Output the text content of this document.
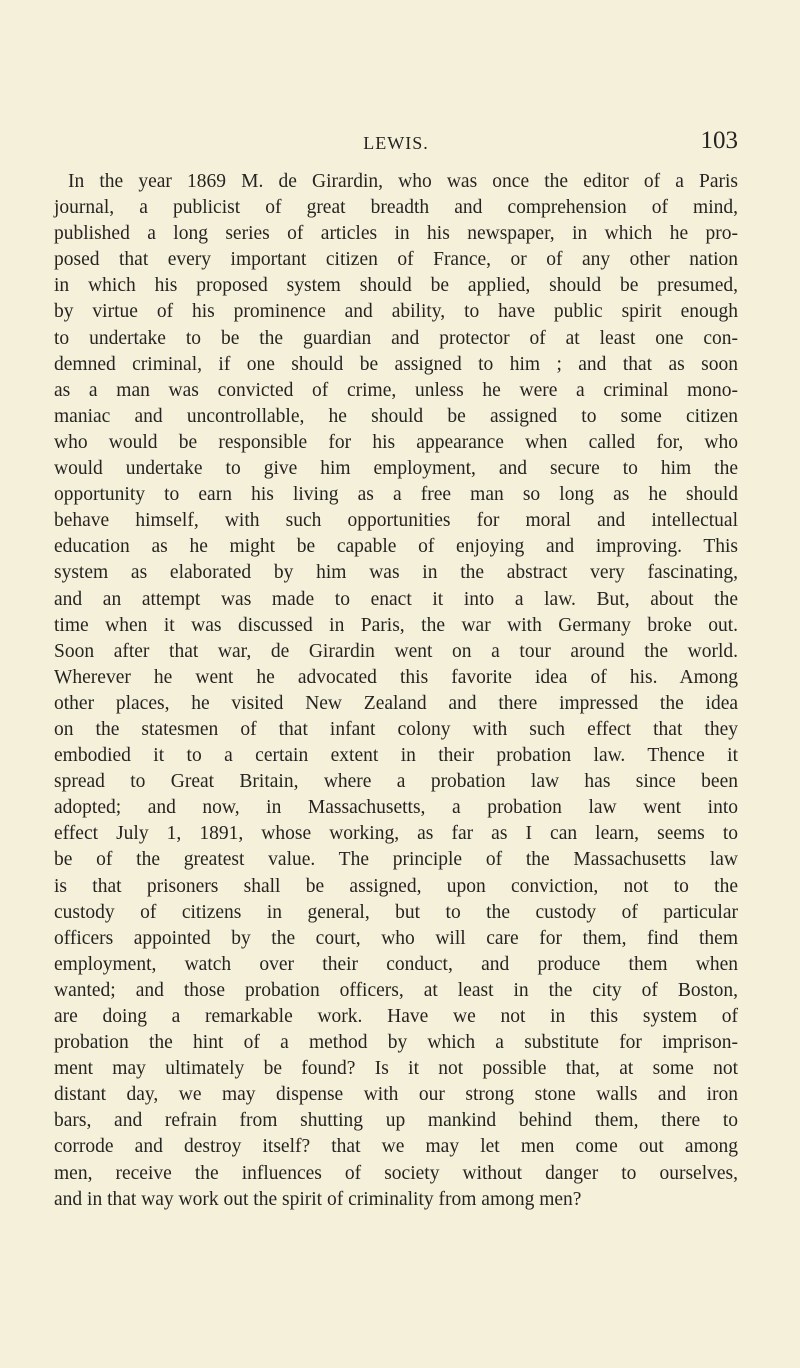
LEWIS.	103
In the year 1869 M. de Girardin, who was once the editor of a Paris
journal, a publicist of great breadth and comprehension of mind,
published a long series of articles in his newspaper, in which he pro-
posed that every important citizen of France, or of any other nation
in which his proposed system should be applied, should be presumed,
by virtue of his prominence and ability, to have public spirit enough
to undertake to be the guardian and protector of at least one con-
demned criminal, if one should be assigned to him ; and that as soon
as a man was convicted of crime, unless he were a criminal mono-
maniac and uncontrollable, he should be assigned to some citizen
who would be responsible for his appearance when called for, who
would undertake to give him employment, and secure to him the
opportunity to earn his living as a free man so long as he should
behave himself, with such opportunities for moral and intellectual
education as he might be capable of enjoying and improving. This
system as elaborated by him was in the abstract very fascinating,
and an attempt was made to enact it into a law. But, about the
time when it was discussed in Paris, the war with Germany broke out.
Soon after that war, de Girardin went on a tour around the world.
Wherever he went he advocated this favorite idea of his. Among
other places, he visited New Zealand and there impressed the idea
on the statesmen of that infant colony with such effect that they
embodied it to a certain extent in their probation law. Thence it
spread to Great Britain, where a probation law has since been
adopted; and now, in Massachusetts, a probation law went into
effect July 1, 1891, whose working, as far as I can learn, seems to
be of the greatest value. The principle of the Massachusetts law
is that prisoners shall be assigned, upon conviction, not to the
custody of citizens in general, but to the custody of particular
officers appointed by the court, who will care for them, find them
employment, watch over their conduct, and produce them when
wanted; and those probation officers, at least in the city of Boston,
are doing a remarkable work. Have we not in this system of
probation the hint of a method by which a substitute for imprison-
ment may ultimately be found? Is it not possible that, at some not
distant day, we may dispense with our strong stone walls and iron
bars, and refrain from shutting up mankind behind them, there to
corrode and destroy itself? that we may let men come out among
men, receive the influences of society without danger to ourselves,
and in that way work out the spirit of criminality from among men?
